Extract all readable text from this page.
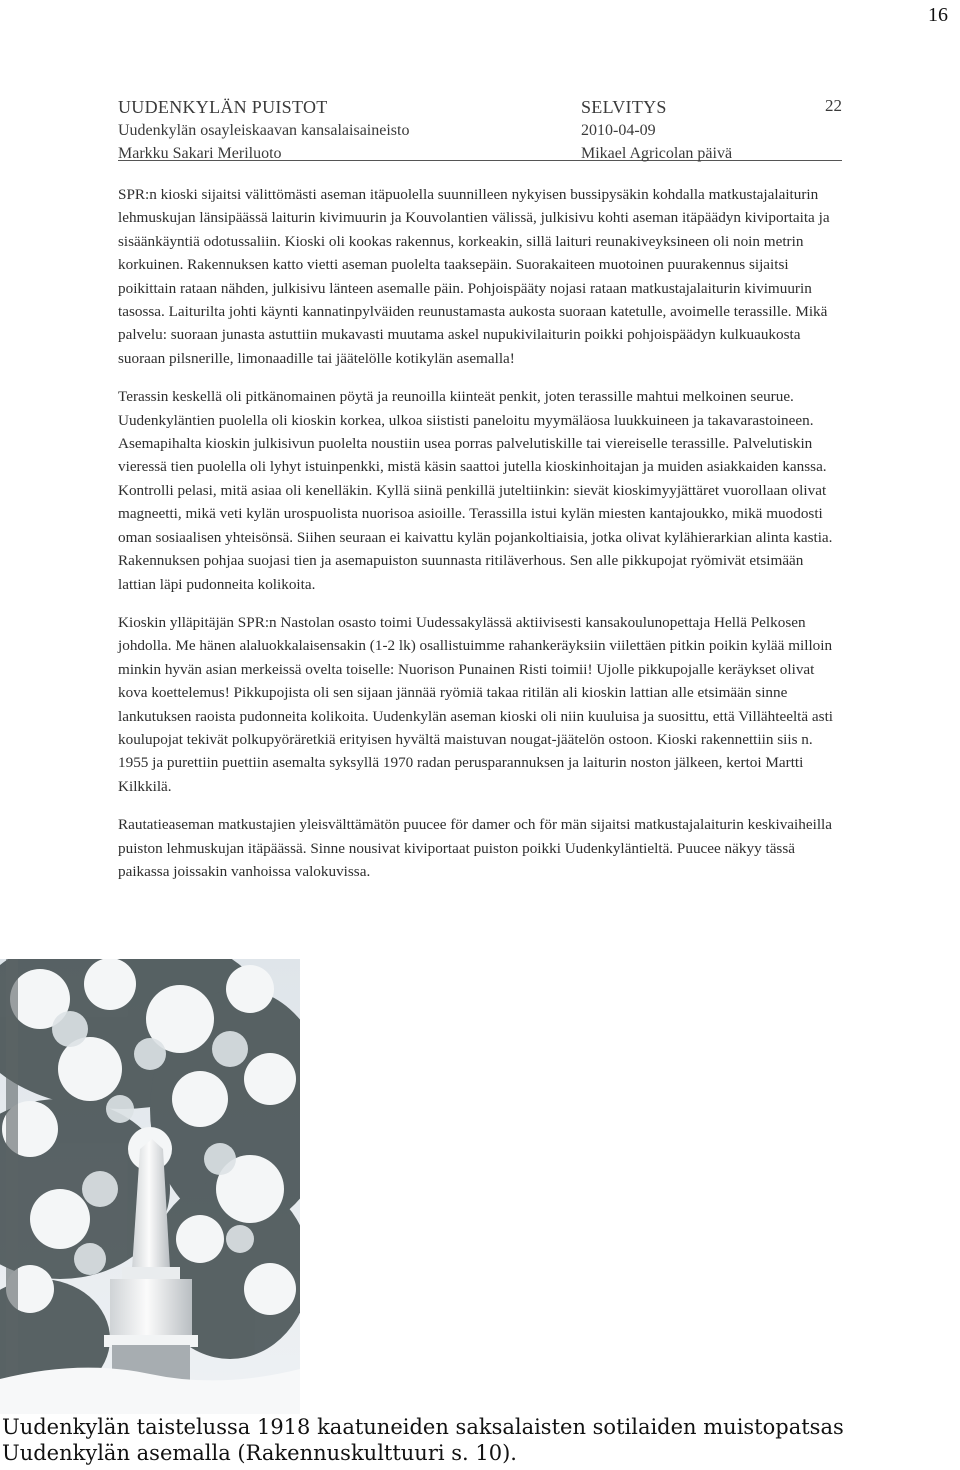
16
UUDENKYLÄN PUISTOT
Uudenkylän osayleiskaavan kansalaisaineisto
Markku Sakari Meriluoto
SELVITYS
2010-04-09
Mikael Agricolan päivä
22

SPR:n kioski sijaitsi välittömästi aseman itäpuolella suunnilleen nykyisen bussipysäkin kohdalla matkustajalaiturin lehmuskujan länsipäässä laiturin kivimuurin ja Kouvolantien välissä, julkisivu kohti aseman itäpäädyn kiviportaita ja sisäänkäyntiä odotussaliin. Kioski oli kookas rakennus, korkeakin, sillä laituri reunakiveyksineen oli noin metrin korkuinen. Rakennuksen katto vietti aseman puolelta taaksepäin. Suorakaiteen muotoinen puurakennus sijaitsi poikittain rataan nähden, julkisivu länteen asemalle päin. Pohjoispääty nojasi rataan matkustajalaiturin kivimuurin tasossa. Laiturilta johti käynti kannatinpylväiden reunustamasta aukosta suoraan katetulle, avoimelle terassille. Mikä palvelu: suoraan junasta astuttiin mukavasti muutama askel nupukivilaiturin poikki pohjoispäädyn kulkuaukosta suoraan pilsnerille, limonaadille tai jäätelölle kotikylän asemalla!

Terassin keskellä oli pitkänomainen pöytä ja reunoilla kiinteät penkit, joten terassille mahtui melkoinen seurue. Uudenkyläntien puolella oli kioskin korkea, ulkoa siististi paneloitu myymäläosa luukkuineen ja takavarastoineen. Asemapihalta kioskin julkisivun puolelta noustiin usea porras palvelutiskille tai viereiselle terassille. Palvelutiskin vieressä tien puolella oli lyhyt istuinpenkki, mistä käsin saattoi jutella kioskinhoitajan ja muiden asiakkaiden kanssa. Kontrolli pelasi, mitä asiaa oli kenelläkin. Kyllä siinä penkillä juteltiinkin: sievät kioskimyyjättäret vuorollaan olivat magneetti, mikä veti kylän urospuolista nuorisoa asioille. Terassilla istui kylän miesten kantajoukko, mikä muodosti oman sosiaalisen yhteisönsä. Siihen seuraan ei kaivattu kylän pojankoltiaisia, jotka olivat kylähierarkian alinta kastia. Rakennuksen pohjaa suojasi tien ja asemapuiston suunnasta ritiläverhous. Sen alle pikkupojat ryömivät etsimään lattian läpi pudonneita kolikoita.

Kioskin ylläpitäjän SPR:n Nastolan osasto toimi Uudessakylässä aktiivisesti kansakoulunopettaja Hellä Pelkosen johdolla. Me hänen alaluokkalaisensakin (1-2 lk) osallistuimme rahankeräyksiin viilettäen pitkin poikin kylää milloin minkin hyvän asian merkeissä ovelta toiselle: Nuorison Punainen Risti toimii! Ujolle pikkupojalle keräykset olivat kova koettelemus! Pikkupojista oli sen sijaan jännää ryömiä takaa ritilän ali kioskin lattian alle etsimään sinne lankutuksen raoista pudonneita kolikoita. Uudenkylän aseman kioski oli niin kuuluisa ja suosittu, että Villähteeltä asti koulupojat tekivät polkupyöräretkiä erityisen hyvältä maistuvan nougat-jäätelön ostoon. Kioski rakennettiin siis n. 1955 ja purettiin puettiin asemalta syksyllä 1970 radan perusparannuksen ja laiturin noston jälkeen, kertoi Martti Kilkkilä.

Rautatieaseman matkustajien yleisvälttämätön puucee för damer och för män sijaitsi matkustajalaiturin keskivaiheilla puiston lehmuskujan itäpäässä. Sinne nousivat kiviportaat puiston poikki Uudenkyläntieltä. Puucee näkyy tässä paikassa joissakin vanhoissa valokuvissa.

Uudenkylän taistelussa 1918 kaatuneiden saksalaisten sotilaiden muistopatsas Uudenkylän asemalla (Rakennuskulttuuri s. 10).
